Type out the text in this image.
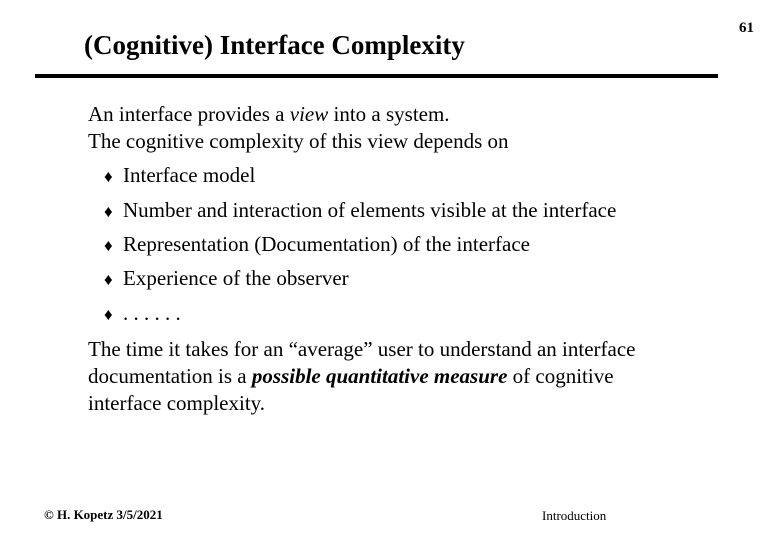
61
(Cognitive) Interface Complexity
An interface provides a view into a system.
The cognitive complexity of this view depends on
♦ Interface model
♦ Number and interaction of elements visible at the interface
♦ Representation (Documentation) of the interface
♦ Experience of the observer
♦ . . . . . .
The time it takes for an “average” user to understand an interface
documentation is a possible quantitative measure of cognitive
interface complexity.
© H. Kopetz 3/5/2021	Introduction
